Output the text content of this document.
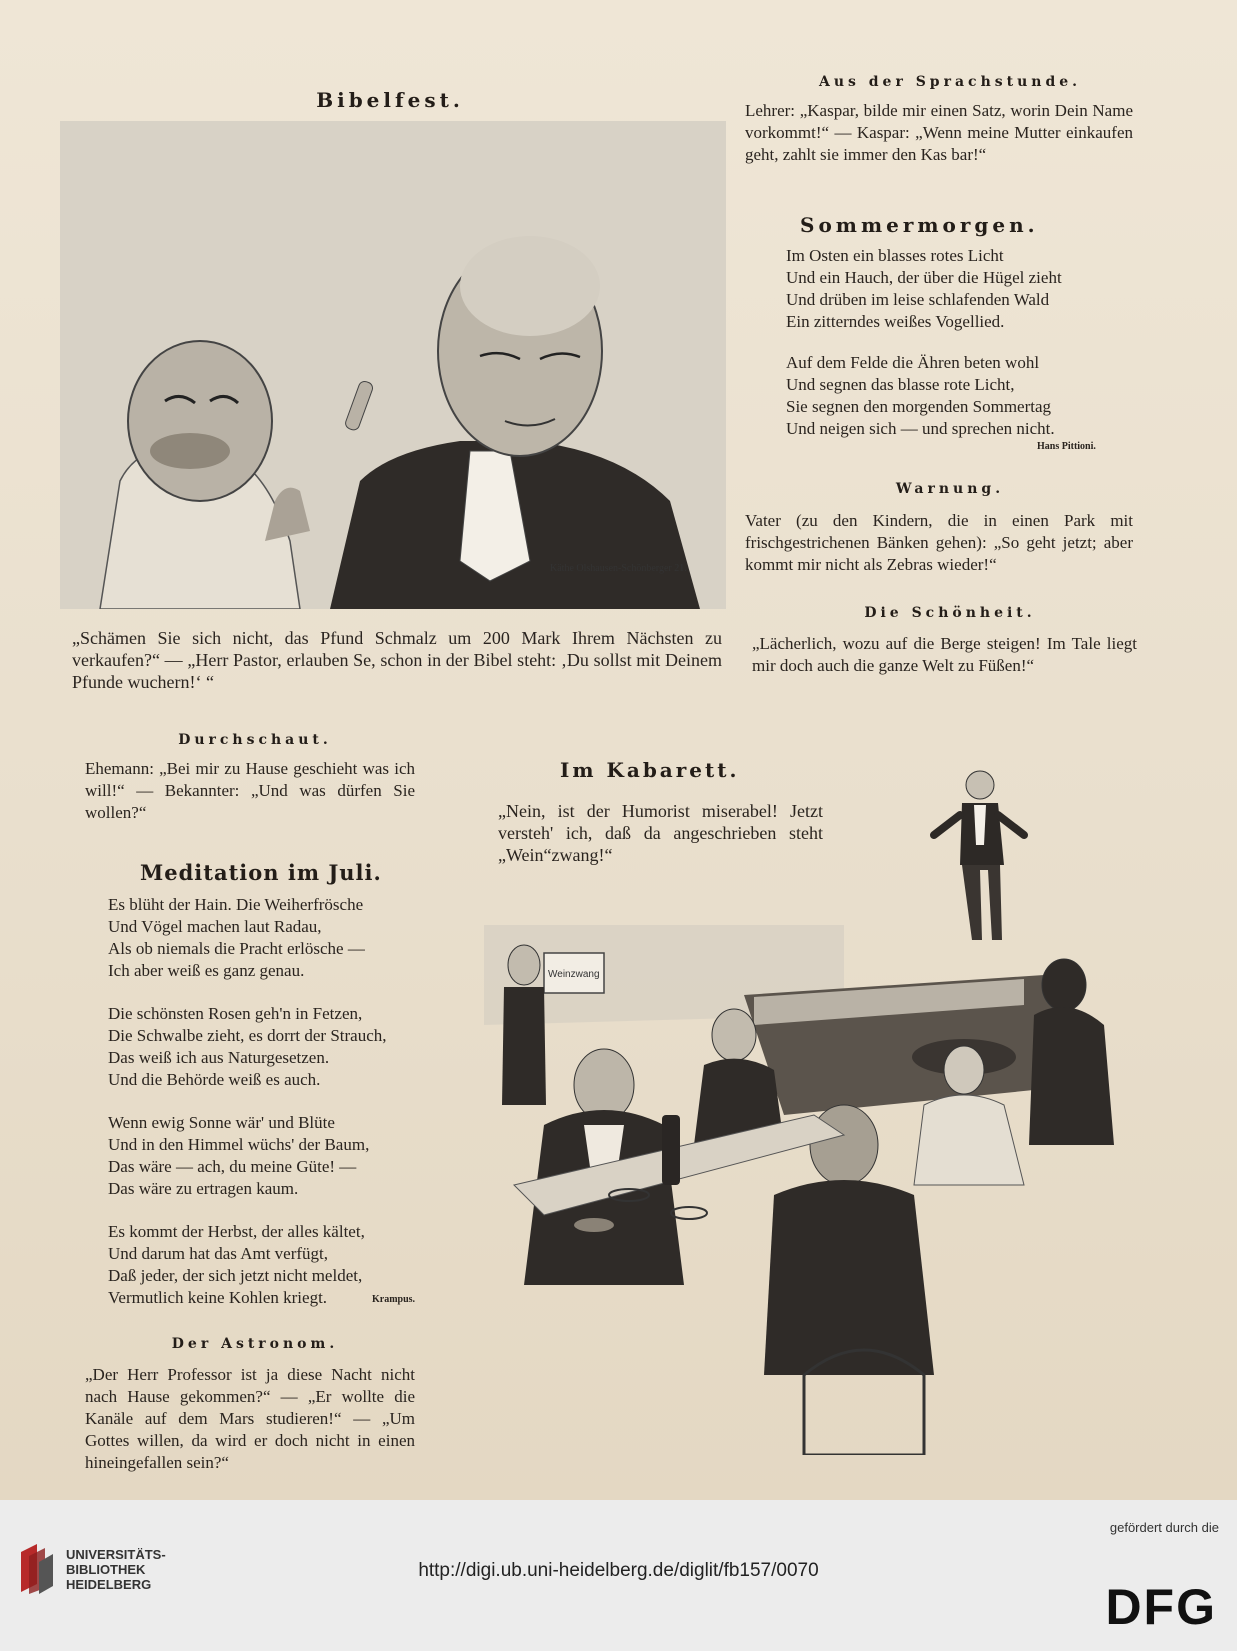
Bibelfest.
Käthe Olshausen-Schönberger 21.
„Schämen Sie sich nicht, das Pfund Schmalz um 200 Mark Ihrem Nächsten zu verkaufen?“ — „Herr Pastor, erlauben Se, schon in der Bibel steht: ‚Du sollst mit Deinem Pfunde wuchern!‘ “
Aus der Sprachstunde.
Lehrer: „Kaspar, bilde mir einen Satz, worin Dein Name vorkommt!“ — Kaspar: „Wenn meine Mutter einkaufen geht, zahlt sie immer den Kas bar!“
Sommermorgen.
Im Osten ein blasses rotes Licht
Und ein Hauch, der über die Hügel zieht
Und drüben im leise schlafenden Wald
Ein zitterndes weißes Vogellied.
Auf dem Felde die Ähren beten wohl
Und segnen das blasse rote Licht,
Sie segnen den morgenden Sommertag
Und neigen sich — und sprechen nicht.
Hans Pittioni.
Warnung.
Vater (zu den Kindern, die in einen Park mit frischgestrichenen Bänken gehen): „So geht jetzt; aber kommt mir nicht als Zebras wieder!“
Die Schönheit.
„Lächerlich, wozu auf die Berge steigen! Im Tale liegt mir doch auch die ganze Welt zu Füßen!“
Durchschaut.
Ehemann: „Bei mir zu Hause geschieht was ich will!“ — Bekannter: „Und was dürfen Sie wollen?“
Meditation im Juli.
Es blüht der Hain. Die Weiherfrösche
Und Vögel machen laut Radau,
Als ob niemals die Pracht erlösche —
Ich aber weiß es ganz genau.
Die schönsten Rosen geh'n in Fetzen,
Die Schwalbe zieht, es dorrt der Strauch,
Das weiß ich aus Naturgesetzen.
Und die Behörde weiß es auch.
Wenn ewig Sonne wär' und Blüte
Und in den Himmel wüchs' der Baum,
Das wäre — ach, du meine Güte! —
Das wäre zu ertragen kaum.
Es kommt der Herbst, der alles kältet,
Und darum hat das Amt verfügt,
Daß jeder, der sich jetzt nicht meldet,
Vermutlich keine Kohlen kriegt.	Krampus.
Der Astronom.
„Der Herr Professor ist ja diese Nacht nicht nach Hause gekommen?“ — „Er wollte die Kanäle auf dem Mars studieren!“ — „Um Gottes willen, da wird er doch nicht in einen hineingefallen sein?“
Im Kabarett.
„Nein, ist der Humorist miserabel! Jetzt versteh' ich, daß da angeschrieben steht „Wein“zwang!“
Weinzwang
UNIVERSITÄTS-
BIBLIOTHEK
HEIDELBERG
http://digi.ub.uni-heidelberg.de/diglit/fb157/0070
gefördert durch die
DFG
